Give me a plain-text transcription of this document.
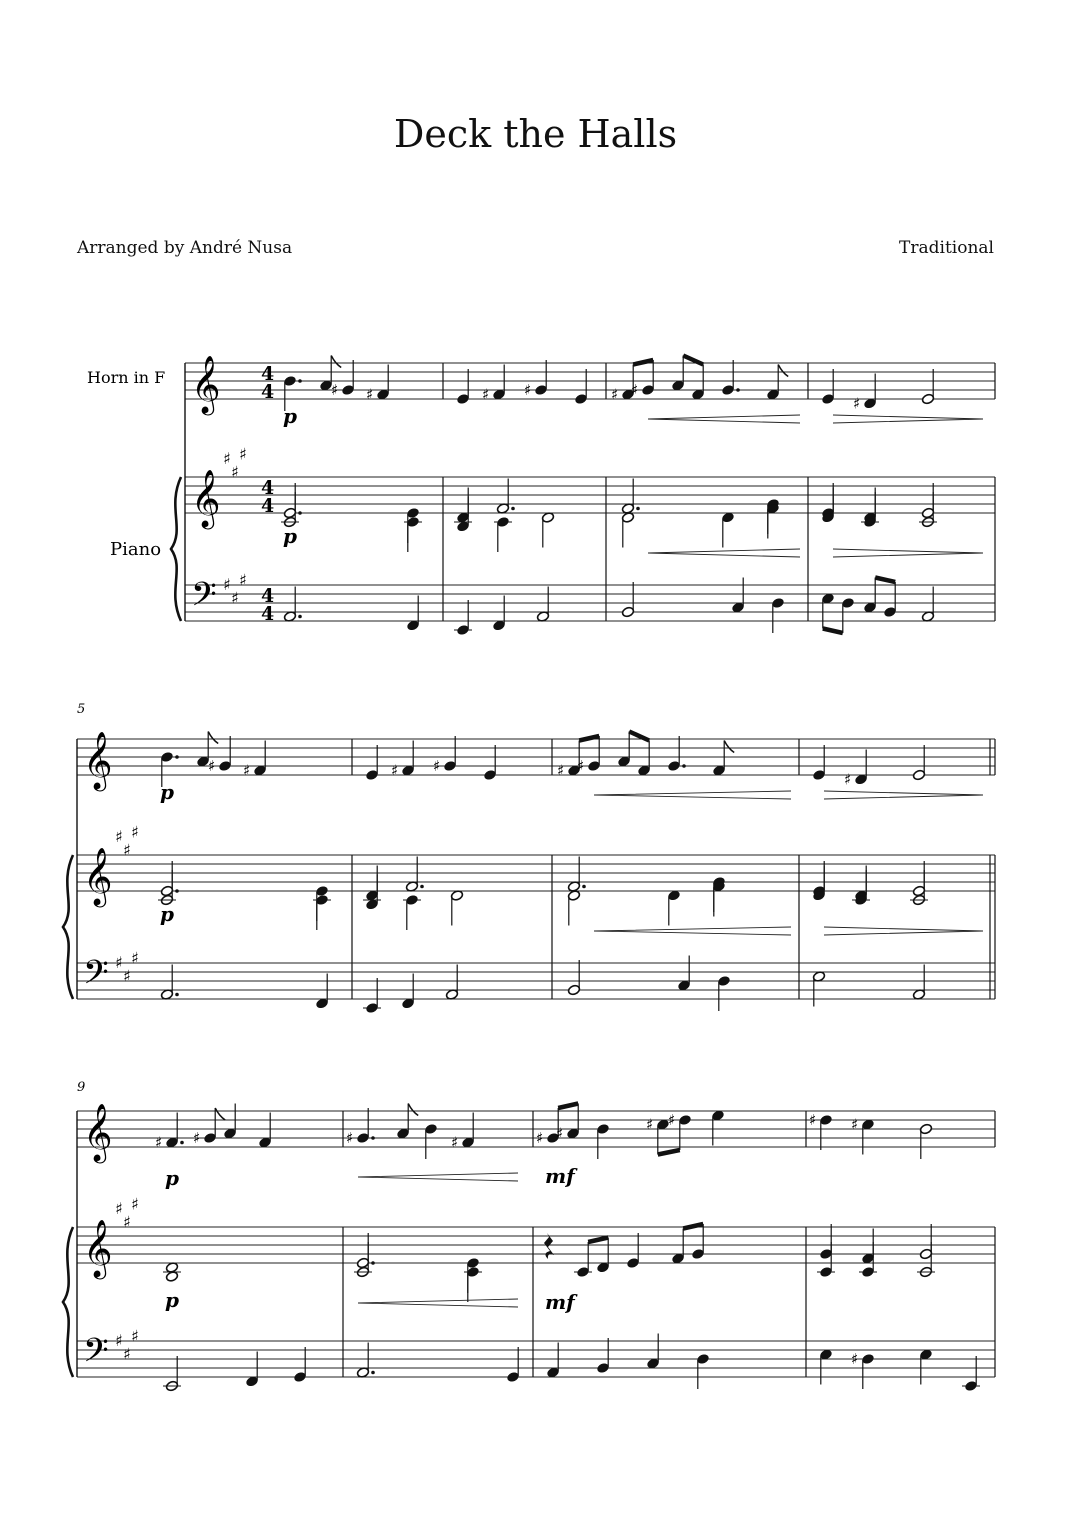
Deck the Halls
Arranged by André Nusa	Traditional
Horn in F
Piano
5
9
𝄞
𝄞
𝄢
♯
♯
♯
♯
♯
♯
4
4
4
4
4
4
𝄞
𝄞
𝄢
♯
♯
♯
♯
♯
♯
𝄞
𝄞
𝄢
♯
♯
♯
♯
♯
♯
♯ ♯	♯ ♯	♯ ♯
♯
p
p
♯ ♯	♯ ♯	♯ ♯
♯
p
p
♯ ♯	♯	♯	♯ ♯	♯ ♯	♯ ♯
p	mf
p	mf
♯
